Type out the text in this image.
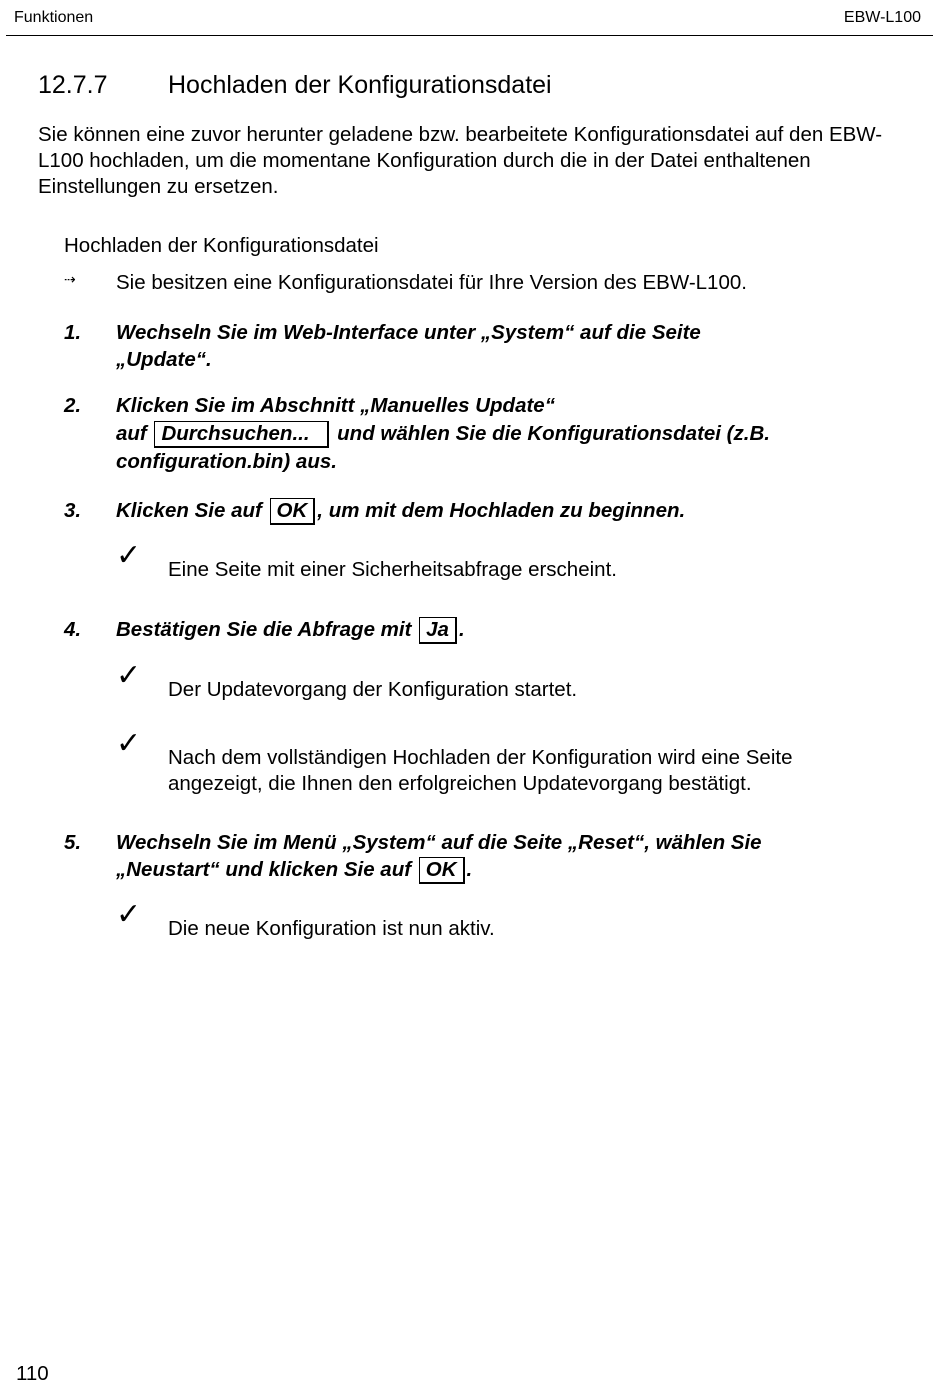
Funktionen	EBW-L100
12.7.7 Hochladen der Konfigurationsdatei
Sie können eine zuvor herunter geladene bzw. bearbeitete Konfigurationsdatei auf den EBW-L100 hochladen, um die momentane Konfiguration durch die in der Datei enthaltenen Einstellungen zu ersetzen.
Hochladen der Konfigurationsdatei
⇢ Sie besitzen eine Konfigurationsdatei für Ihre Version des EBW-L100.
1. Wechseln Sie im Web-Interface unter „System“ auf die Seite
„Update“.
2. Klicken Sie im Abschnitt „Manuelles Update“
auf Durchsuchen... und wählen Sie die Konfigurationsdatei (z.B.
configuration.bin) aus.
3. Klicken Sie auf OK , um mit dem Hochladen zu beginnen.
✓ Eine Seite mit einer Sicherheitsabfrage erscheint.
4. Bestätigen Sie die Abfrage mit Ja .
✓ Der Updatevorgang der Konfiguration startet.
✓ Nach dem vollständigen Hochladen der Konfiguration wird eine Seite angezeigt, die Ihnen den erfolgreichen Updatevorgang bestätigt.
5. Wechseln Sie im Menü „System“ auf die Seite „Reset“, wählen Sie
„Neustart“ und klicken Sie auf OK .
✓ Die neue Konfiguration ist nun aktiv.
110
